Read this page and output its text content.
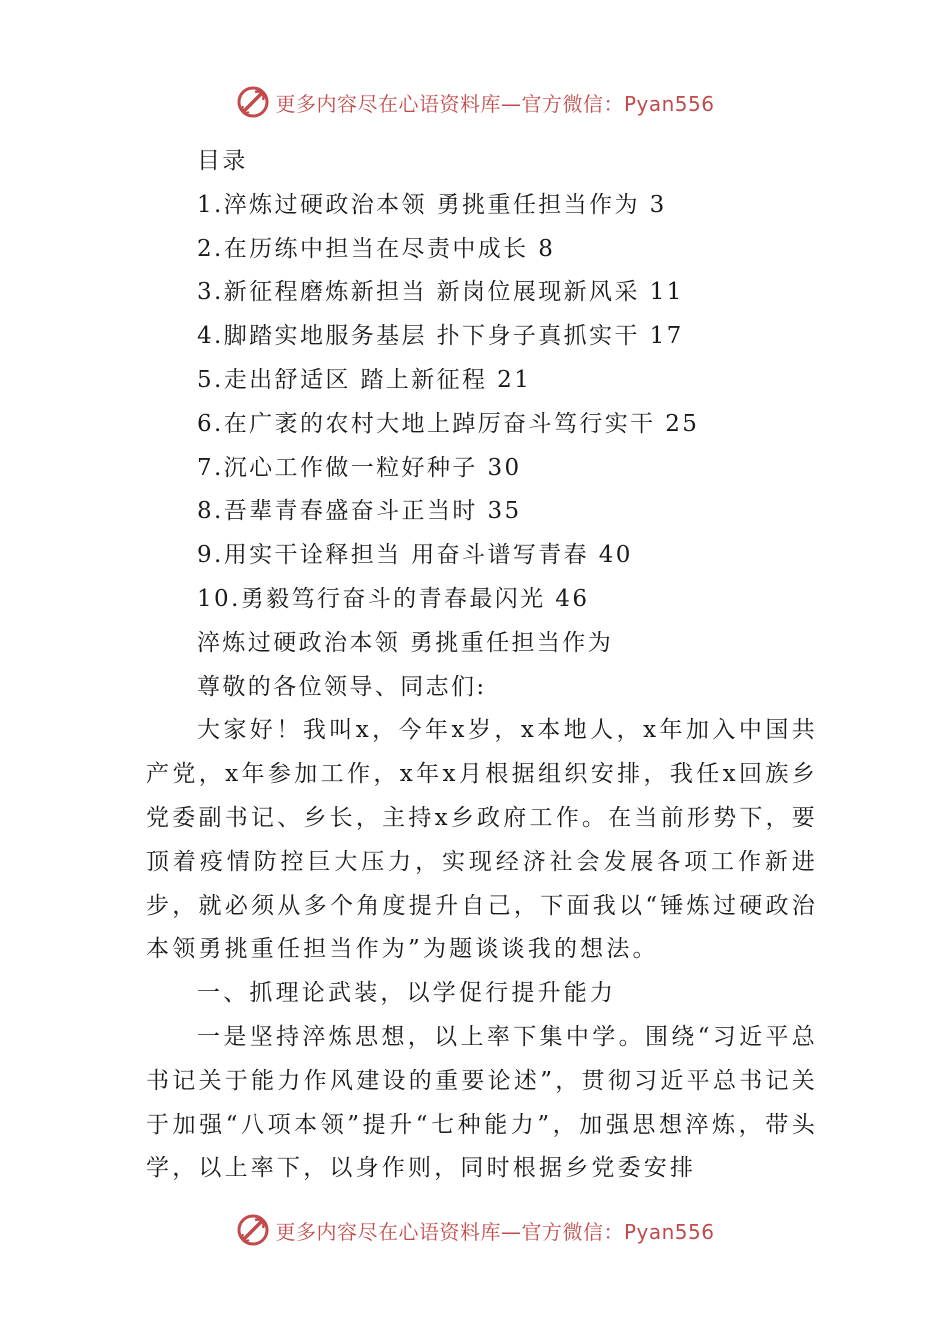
更多内容尽在心语资料库—官方微信：Pyan556
目录
1.淬炼过硬政治本领 勇挑重任担当作为 3
2.在历练中担当在尽责中成长 8
3.新征程磨炼新担当 新岗位展现新风采 11
4.脚踏实地服务基层 扑下身子真抓实干 17
5.走出舒适区 踏上新征程 21
6.在广袤的农村大地上踔厉奋斗笃行实干 25
7.沉心工作做一粒好种子 30
8.吾辈青春盛奋斗正当时 35
9.用实干诠释担当 用奋斗谱写青春 40
10.勇毅笃行奋斗的青春最闪光 46
淬炼过硬政治本领 勇挑重任担当作为
尊敬的各位领导、同志们:

大家好！我叫x，今年x岁，x本地人，x年加入中国共产党，x年参加工作，x年x月根据组织安排，我任x回族乡党委副书记、乡长，主持x乡政府工作。在当前形势下，要顶着疫情防控巨大压力，实现经济社会发展各项工作新进步，就必须从多个角度提升自己，下面我以“锤炼过硬政治本领勇挑重任担当作为”为题谈谈我的想法。

一、抓理论武装，以学促行提升能力

一是坚持淬炼思想，以上率下集中学。围绕“习近平总书记关于能力作风建设的重要论述”，贯彻习近平总书记关于加强“八项本领”提升“七种能力”，加强思想淬炼，带头学，以上率下，以身作则，同时根据乡党委安排

更多内容尽在心语资料库—官方微信：Pyan556
